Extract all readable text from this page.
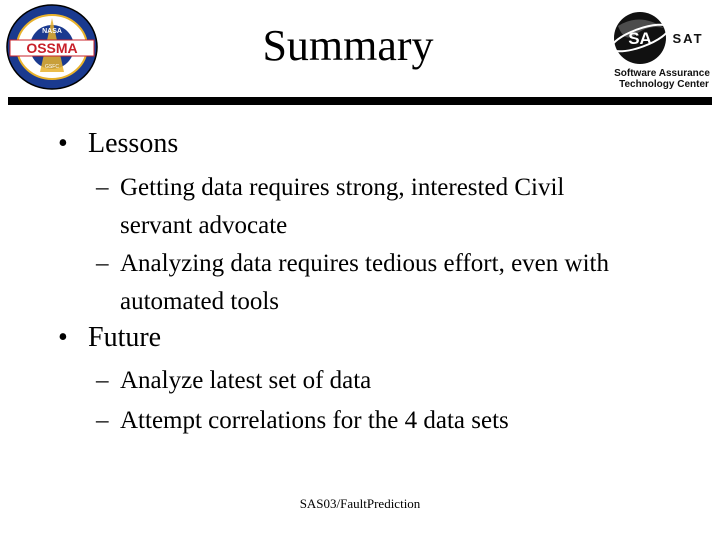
OSSMA
NASA
GSFC	Summary	SA SAT
Software Assurance
Technology Center
• Lessons
– Getting data requires strong, interested Civil servant advocate
– Analyzing data requires tedious effort, even with automated tools
• Future
– Analyze latest set of data
– Attempt correlations for the 4 data sets
SAS03/FaultPrediction
